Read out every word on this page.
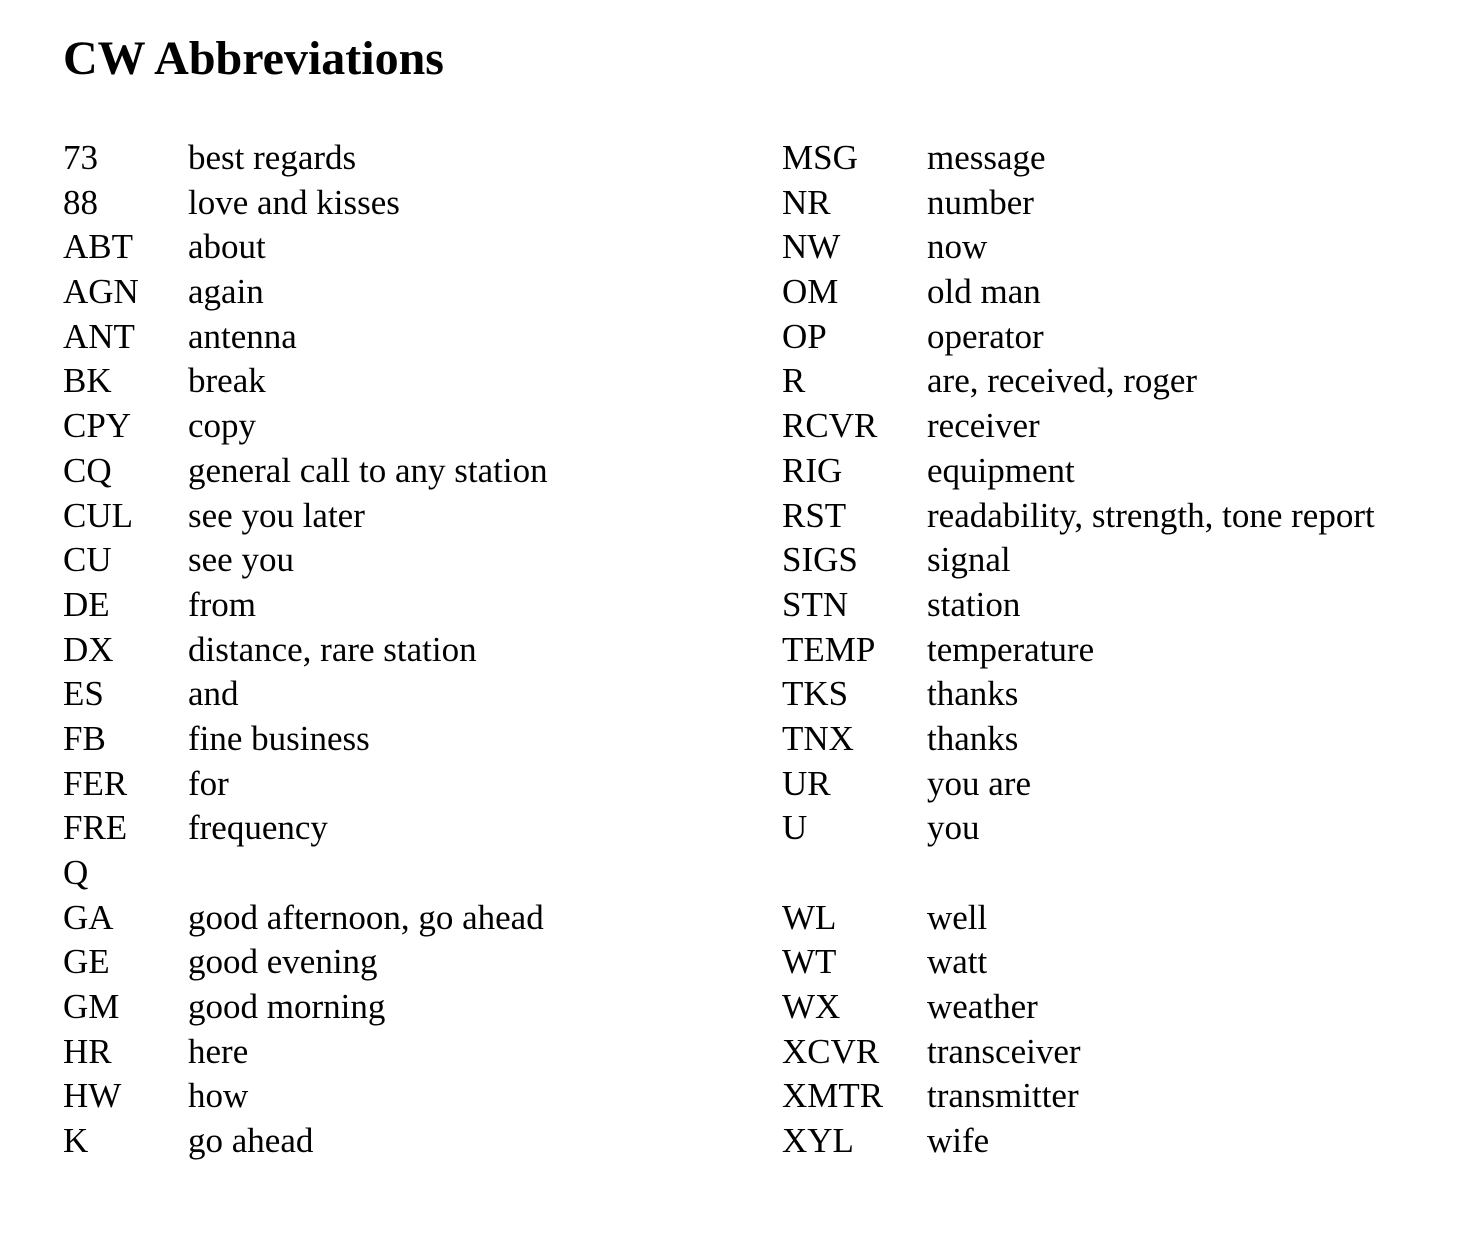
CW Abbreviations
73	best regards	MSG message
88	love and kisses	NR	number
ABT about	NW now
AGN again	OM	old man
ANT antenna	OP	operator
BK break	R	are, received, roger
CPY copy	RCVR receiver
CQ general call to any station	RIG equipment
CUL see you later	RST readability, strength, tone report
CU see you	SIGS signal
DE from	STN station
DX distance, rare station	TEMP temperature
ES and	TKS thanks
FB fine business	TNX thanks
FER for	UR	you are
FRE frequency	U	you
Q
GA good afternoon, go ahead	WL	well
GE good evening	WT	watt
GM good morning	WX weather
HR here	XCVR transceiver
HW how	XMTR transmitter
K	go ahead	XYL wife
